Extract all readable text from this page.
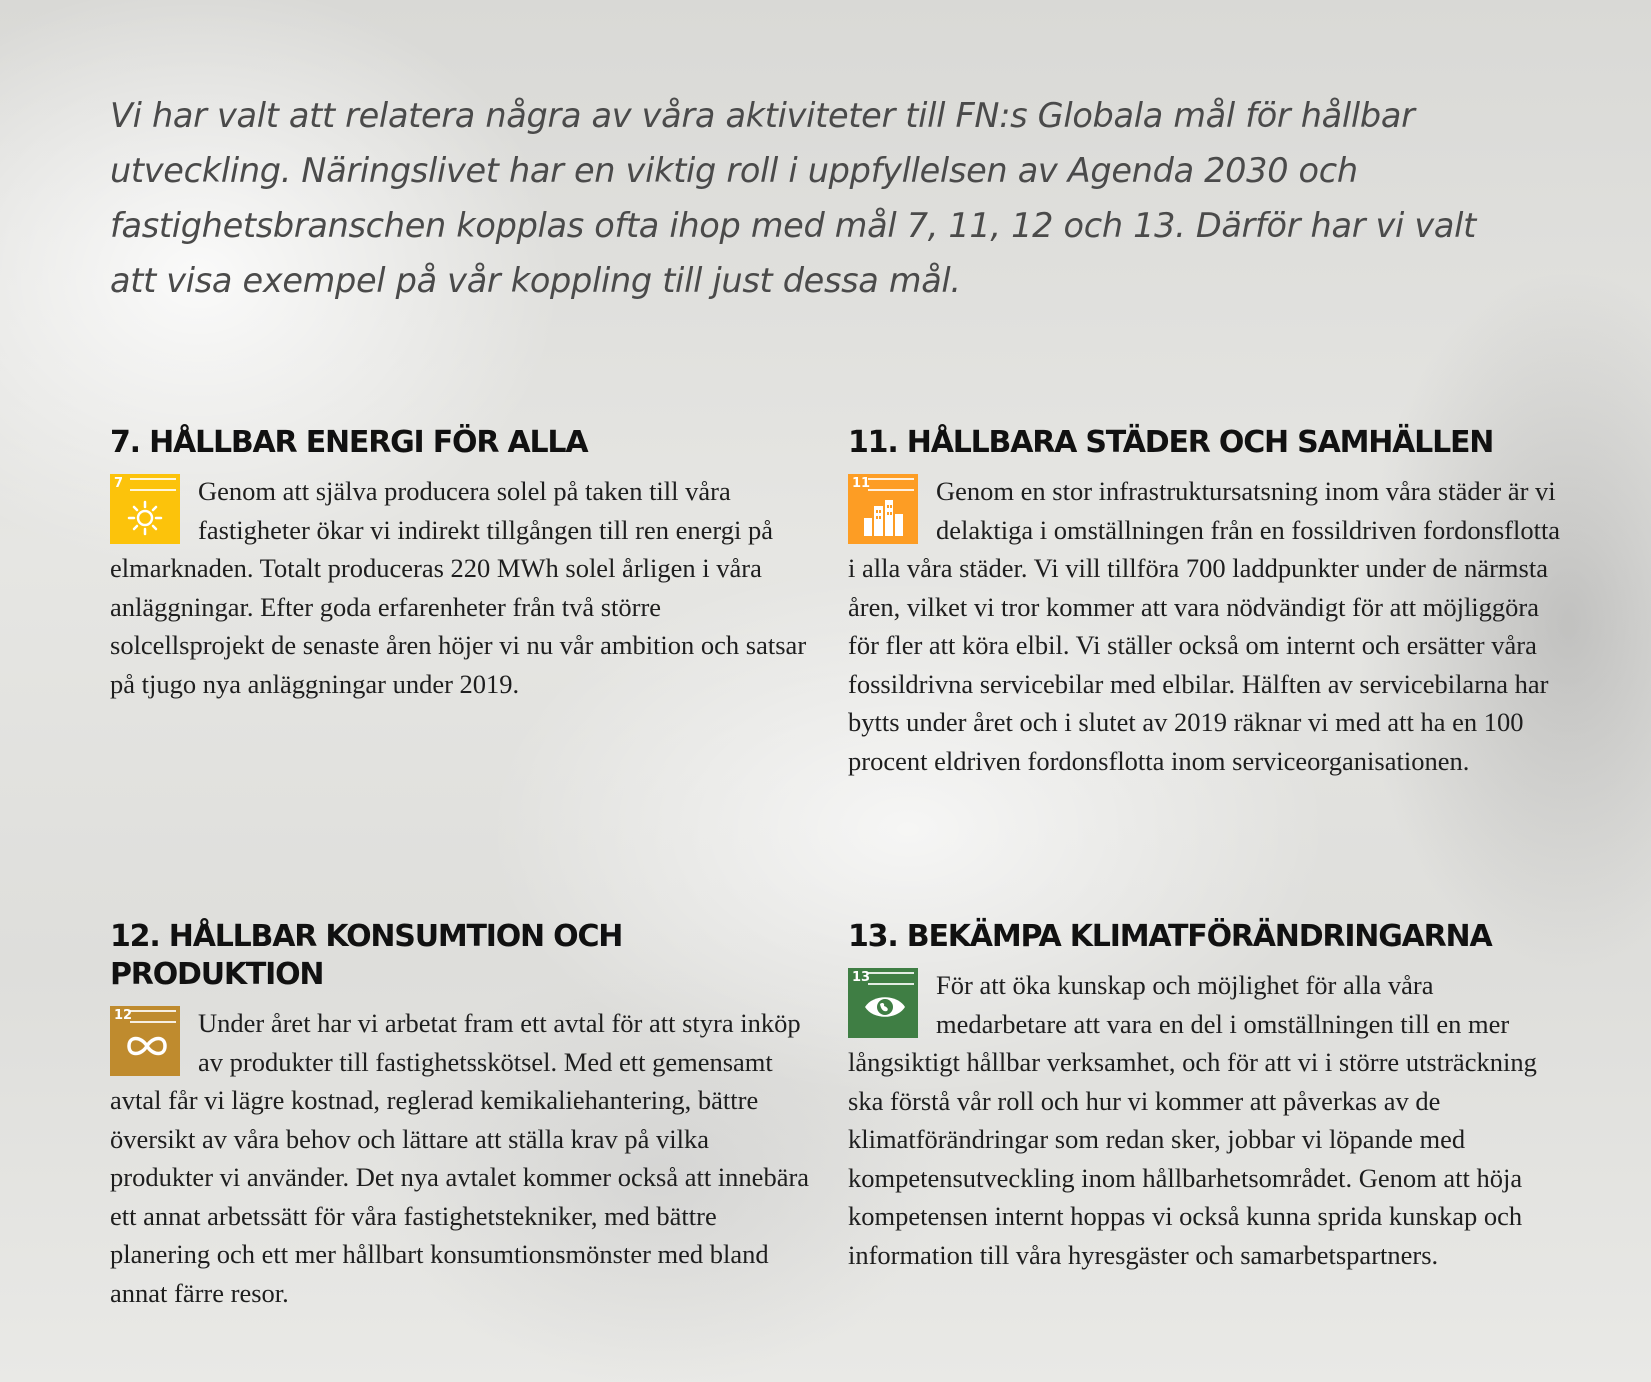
Vi har valt att relatera några av våra aktiviteter till FN:s Globala mål för hållbar utveckling. Näringslivet har en viktig roll i uppfyllelsen av Agenda 2030 och fastighetsbranschen kopplas ofta ihop med mål 7, 11, 12 och 13. Därför har vi valt att visa exempel på vår koppling till just dessa mål.

7. HÅLLBAR ENERGI FÖR ALLA
7	Genom att själva producera solel på taken till våra fastigheter ökar vi indirekt tillgången till ren energi på elmarknaden. Totalt produceras 220 MWh solel årligen i våra anläggningar. Efter goda erfarenheter från två större solcellsprojekt de senaste åren höjer vi nu vår ambition och satsar på tjugo nya anläggningar under 2019.

11. HÅLLBARA STÄDER OCH SAMHÄLLEN
11	Genom en stor infrastruktursatsning inom våra städer är vi delaktiga i omställningen från en fossildriven fordonsflotta i alla våra städer. Vi vill tillföra 700 laddpunkter under de närmsta åren, vilket vi tror kommer att vara nödvändigt för att möjliggöra för fler att köra elbil. Vi ställer också om internt och ersätter våra fossildrivna servicebilar med elbilar. Hälften av servicebilarna har bytts under året och i slutet av 2019 räknar vi med att ha en 100 procent eldriven fordonsflotta inom serviceorganisationen.

12. HÅLLBAR KONSUMTION OCH PRODUKTION
12	Under året har vi arbetat fram ett avtal för att styra inköp av produkter till fastighetsskötsel. Med ett gemensamt avtal får vi lägre kostnad, reglerad kemikaliehantering, bättre översikt av våra behov och lättare att ställa krav på vilka produkter vi använder. Det nya avtalet kommer också att innebära ett annat arbetssätt för våra fastighetstekniker, med bättre planering och ett mer hållbart konsumtionsmönster med bland annat färre resor.

13. BEKÄMPA KLIMATFÖRÄNDRINGARNA
13	För att öka kunskap och möjlighet för alla våra medarbetare att vara en del i omställningen till en mer långsiktigt hållbar verksamhet, och för att vi i större utsträckning ska förstå vår roll och hur vi kommer att påverkas av de klimatförändringar som redan sker, jobbar vi löpande med kompetensutveckling inom hållbarhetsområdet. Genom att höja kompetensen internt hoppas vi också kunna sprida kunskap och information till våra hyresgäster och samarbetspartners.
